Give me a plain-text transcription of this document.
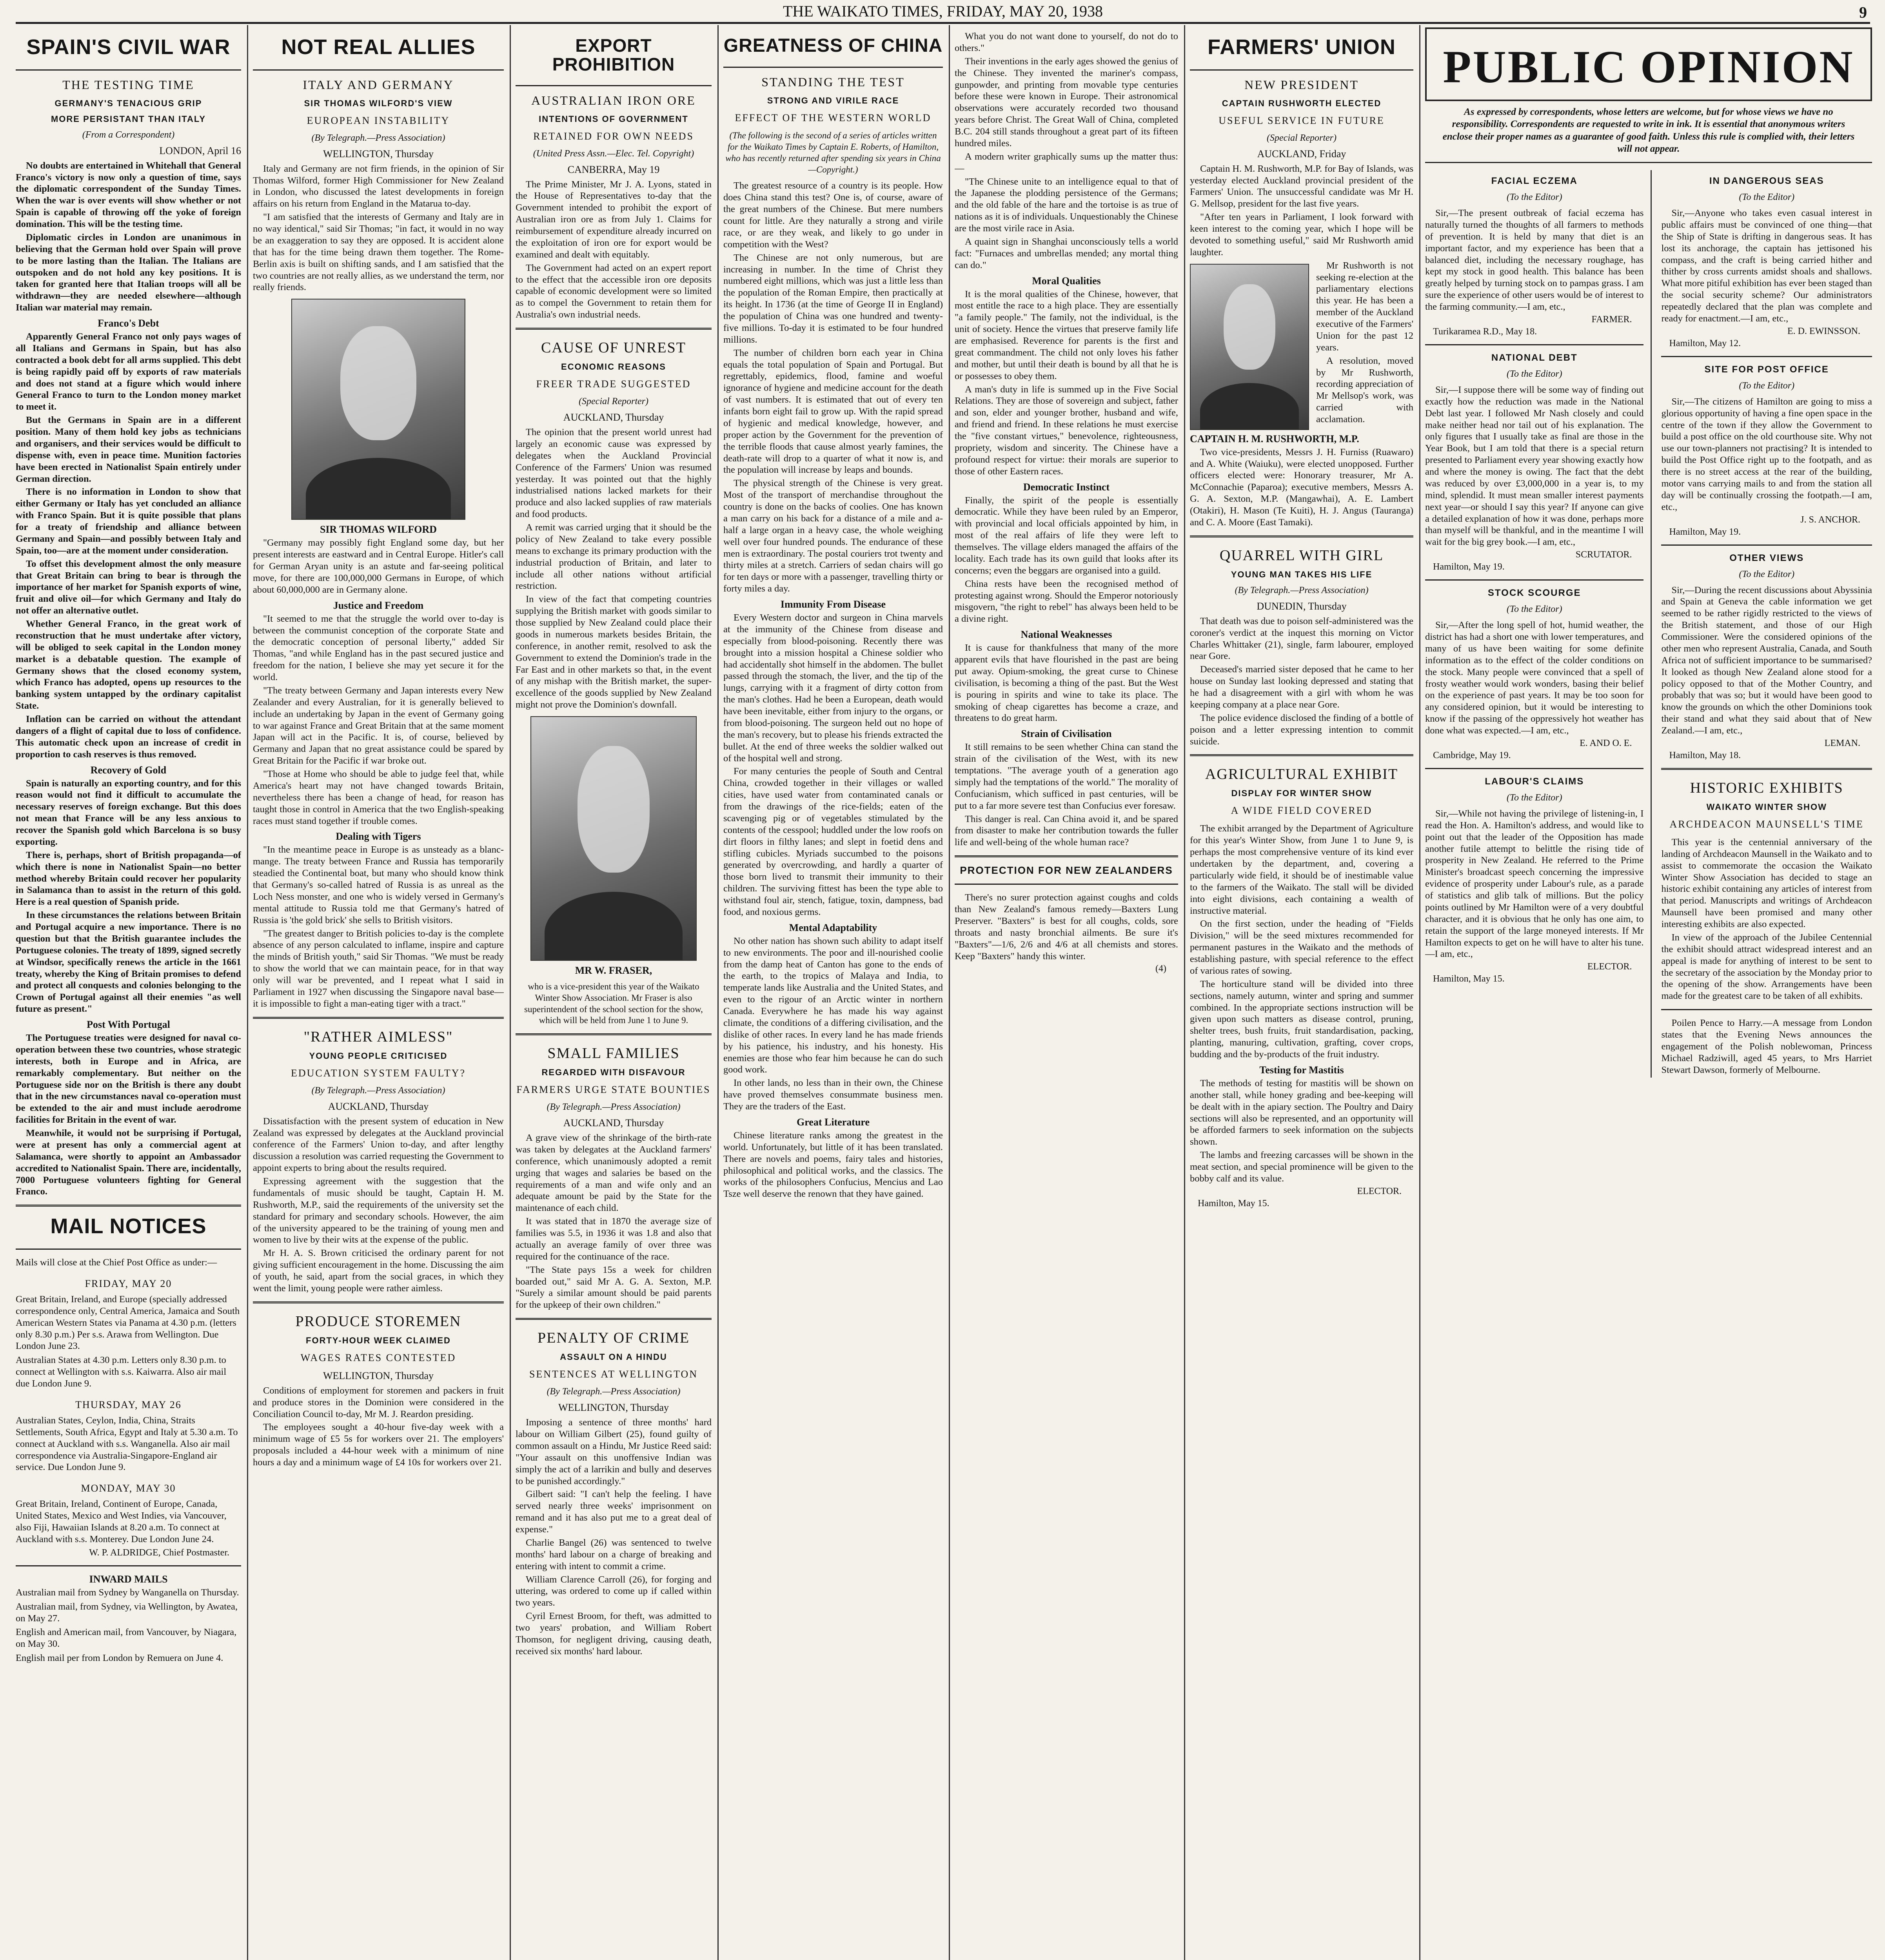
THE WAIKATO TIMES, FRIDAY, MAY 20, 1938	9
SPAIN'S CIVIL WAR
THE TESTING TIME
GERMANY'S TENACIOUS GRIP
MORE PERSISTANT THAN ITALY
(From a Correspondent)
LONDON, April 16

No doubts are entertained in Whitehall that General Franco's victory is now only a question of time, says the diplomatic correspondent of the Sunday Times. When the war is over events will show whether or not Spain is capable of throwing off the yoke of foreign domination. This will be the testing time.

Diplomatic circles in London are unanimous in believing that the German hold over Spain will prove to be more lasting than the Italian. The Italians are outspoken and do not hold any key positions. It is taken for granted here that Italian troops will all be withdrawn—they are needed elsewhere—although Italian war material may remain.

Franco's Debt

Apparently General Franco not only pays wages of all Italians and Germans in Spain, but has also contracted a book debt for all arms supplied. This debt is being rapidly paid off by exports of raw materials and does not stand at a figure which would inhere General Franco to turn to the London money market to meet it.

But the Germans in Spain are in a different position. Many of them hold key jobs as technicians and organisers, and their services would be difficult to dispense with, even in peace time. Munition factories have been erected in Nationalist Spain entirely under German direction.

There is no information in London to show that either Germany or Italy has yet concluded an alliance with Franco Spain. But it is quite possible that plans for a treaty of friendship and alliance between Germany and Spain—and possibly between Italy and Spain, too—are at the moment under consideration.

To offset this development almost the only measure that Great Britain can bring to bear is through the importance of her market for Spanish exports of wine, fruit and olive oil—for which Germany and Italy do not offer an alternative outlet.

Whether General Franco, in the great work of reconstruction that he must undertake after victory, will be obliged to seek capital in the London money market is a debatable question. The example of Germany shows that the closed economy system, which Franco has adopted, opens up resources to the banking system untapped by the ordinary capitalist State.

Inflation can be carried on without the attendant dangers of a flight of capital due to loss of confidence. This automatic check upon an increase of credit in proportion to cash reserves is thus removed.

Recovery of Gold

Spain is naturally an exporting country, and for this reason would not find it difficult to accumulate the necessary reserves of foreign exchange. But this does not mean that France will be any less anxious to recover the Spanish gold which Barcelona is so busy exporting.

There is, perhaps, short of British propaganda—of which there is none in Nationalist Spain—no better method whereby Britain could recover her popularity in Salamanca than to assist in the return of this gold. Here is a real question of Spanish pride.

In these circumstances the relations between Britain and Portugal acquire a new importance. There is no question but that the British guarantee includes the Portuguese colonies. The treaty of 1899, signed secretly at Windsor, specifically renews the article in the 1661 treaty, whereby the King of Britain promises to defend and protect all conquests and colonies belonging to the Crown of Portugal against all their enemies "as well future as present."

Post With Portugal

The Portuguese treaties were designed for naval co-operation between these two countries, whose strategic interests, both in Europe and in Africa, are remarkably complementary. But neither on the Portuguese side nor on the British is there any doubt that in the new circumstances naval co-operation must be extended to the air and must include aerodrome facilities for Britain in the event of war.

Meanwhile, it would not be surprising if Portugal, were at present has only a commercial agent at Salamanca, were shortly to appoint an Ambassador accredited to Nationalist Spain. There are, incidentally, 7000 Portuguese volunteers fighting for General Franco.

MAIL NOTICES

Mails will close at the Chief Post Office as under:—

FRIDAY, MAY 20

Great Britain, Ireland, and Europe (specially addressed correspondence only, Central America, Jamaica and South American Western States via Panama at 4.30 p.m. (letters only 8.30 p.m.) Per s.s. Arawa from Wellington. Due London June 23.

Australian States at 4.30 p.m. Letters only 8.30 p.m. to connect at Wellington with s.s. Kaiwarra. Also air mail due London June 9.

THURSDAY, MAY 26

Australian States, Ceylon, India, China, Straits Settlements, South Africa, Egypt and Italy at 5.30 a.m. To connect at Auckland with s.s. Wanganella. Also air mail correspondence via Australia-Singapore-England air service. Due London June 9.

MONDAY, MAY 30

Great Britain, Ireland, Continent of Europe, Canada, United States, Mexico and West Indies, via Vancouver, also Fiji, Hawaiian Islands at 8.20 a.m. To connect at Auckland with s.s. Monterey. Due London June 24.

W. P. ALDRIDGE, Chief Postmaster.
INWARD MAILS

Australian mail from Sydney by Wanganella on Thursday.

Australian mail, from Sydney, via Wellington, by Awatea, on May 27.

English and American mail, from Vancouver, by Niagara, on May 30.

English mail per from London by Remuera on June 4.

NOT REAL ALLIES
ITALY AND GERMANY
SIR THOMAS WILFORD'S VIEW
EUROPEAN INSTABILITY
(By Telegraph.—Press Association)
WELLINGTON, Thursday

Italy and Germany are not firm friends, in the opinion of Sir Thomas Wilford, former High Commissioner for New Zealand in London, who discussed the latest developments in foreign affairs on his return from England in the Matarua to-day.

"I am satisfied that the interests of Germany and Italy are in no way identical," said Sir Thomas; "in fact, it would in no way be an exaggeration to say they are opposed. It is accident alone that has for the time being drawn them together. The Rome-Berlin axis is built on shifting sands, and I am satisfied that the two countries are not really allies, as we understand the term, nor really friends.

SIR THOMAS WILFORD

"Germany may possibly fight England some day, but her present interests are eastward and in Central Europe. Hitler's call for German Aryan unity is an astute and far-seeing political move, for there are 100,000,000 Germans in Europe, of which about 60,000,000 are in Germany alone.

Justice and Freedom

"It seemed to me that the struggle the world over to-day is between the communist conception of the corporate State and the democratic conception of personal liberty," added Sir Thomas, "and while England has in the past secured justice and freedom for the nation, I believe she may yet secure it for the world.

"The treaty between Germany and Japan interests every New Zealander and every Australian, for it is generally believed to include an undertaking by Japan in the event of Germany going to war against France and Great Britain that at the same moment Japan will act in the Pacific. It is, of course, believed by Germany and Japan that no great assistance could be spared by Great Britain for the Pacific if war broke out.

"Those at Home who should be able to judge feel that, while America's heart may not have changed towards Britain, nevertheless there has been a change of head, for reason has taught those in control in America that the two English-speaking races must stand together if trouble comes.

Dealing with Tigers

"In the meantime peace in Europe is as unsteady as a blanc-mange. The treaty between France and Russia has temporarily steadied the Continental boat, but many who should know think that Germany's so-called hatred of Russia is as unreal as the Loch Ness monster, and one who is widely versed in Germany's mental attitude to Russia told me that Germany's hatred of Russia is 'the gold brick' she sells to British visitors.

"The greatest danger to British policies to-day is the complete absence of any person calculated to inflame, inspire and capture the minds of British youth," said Sir Thomas. "We must be ready to show the world that we can maintain peace, for in that way only will war be prevented, and I repeat what I said in Parliament in 1927 when discussing the Singapore naval base—it is impossible to fight a man-eating tiger with a tract."

"RATHER AIMLESS"
YOUNG PEOPLE CRITICISED
EDUCATION SYSTEM FAULTY?
(By Telegraph.—Press Association)
AUCKLAND, Thursday

Dissatisfaction with the present system of education in New Zealand was expressed by delegates at the Auckland provincial conference of the Farmers' Union to-day, and after lengthy discussion a resolution was carried requesting the Government to appoint experts to bring about the results required.

Expressing agreement with the suggestion that the fundamentals of music should be taught, Captain H. M. Rushworth, M.P., said the requirements of the university set the standard for primary and secondary schools. However, the aim of the university appeared to be the training of young men and women to live by their wits at the expense of the public.

Mr H. A. S. Brown criticised the ordinary parent for not giving sufficient encouragement in the home. Discussing the aim of youth, he said, apart from the social graces, in which they went the limit, young people were rather aimless.

PRODUCE STOREMEN
FORTY-HOUR WEEK CLAIMED
WAGES RATES CONTESTED
WELLINGTON, Thursday

Conditions of employment for storemen and packers in fruit and produce stores in the Dominion were considered in the Conciliation Council to-day, Mr M. J. Reardon presiding.

The employees sought a 40-hour five-day week with a minimum wage of £5 5s for workers over 21. The employers' proposals included a 44-hour week with a minimum of nine hours a day and a minimum wage of £4 10s for workers over 21.

EXPORT PROHIBITION
AUSTRALIAN IRON ORE
INTENTIONS OF GOVERNMENT
RETAINED FOR OWN NEEDS
(United Press Assn.—Elec. Tel. Copyright)
CANBERRA, May 19

The Prime Minister, Mr J. A. Lyons, stated in the House of Representatives to-day that the Government intended to prohibit the export of Australian iron ore as from July 1. Claims for reimbursement of expenditure already incurred on the exploitation of iron ore for export would be examined and dealt with equitably.

The Government had acted on an expert report to the effect that the accessible iron ore deposits capable of economic development were so limited as to compel the Government to retain them for Australia's own industrial needs.

CAUSE OF UNREST
ECONOMIC REASONS
FREER TRADE SUGGESTED
(Special Reporter)
AUCKLAND, Thursday

The opinion that the present world unrest had largely an economic cause was expressed by delegates when the Auckland Provincial Conference of the Farmers' Union was resumed yesterday. It was pointed out that the highly industrialised nations lacked markets for their produce and also lacked supplies of raw materials and food products.

A remit was carried urging that it should be the policy of New Zealand to take every possible means to exchange its primary production with the industrial production of Britain, and later to include all other nations without artificial restriction.

In view of the fact that competing countries supplying the British market with goods similar to those supplied by New Zealand could place their goods in numerous markets besides Britain, the conference, in another remit, resolved to ask the Government to extend the Dominion's trade in the Far East and in other markets so that, in the event of any mishap with the British market, the super-excellence of the goods supplied by New Zealand might not prove the Dominion's downfall.

MR W. FRASER,
who is a vice-president this year of the Waikato Winter Show Association. Mr Fraser is also superintendent of the school section for the show, which will be held from June 1 to June 9.
SMALL FAMILIES
REGARDED WITH DISFAVOUR
FARMERS URGE STATE BOUNTIES
(By Telegraph.—Press Association)
AUCKLAND, Thursday

A grave view of the shrinkage of the birth-rate was taken by delegates at the Auckland farmers' conference, which unanimously adopted a remit urging that wages and salaries be based on the requirements of a man and wife only and an adequate amount be paid by the State for the maintenance of each child.

It was stated that in 1870 the average size of families was 5.5, in 1936 it was 1.8 and also that actually an average family of over three was required for the continuance of the race.

"The State pays 15s a week for children boarded out," said Mr A. G. A. Sexton, M.P. "Surely a similar amount should be paid parents for the upkeep of their own children."

PENALTY OF CRIME
ASSAULT ON A HINDU
SENTENCES AT WELLINGTON
(By Telegraph.—Press Association)
WELLINGTON, Thursday

Imposing a sentence of three months' hard labour on William Gilbert (25), found guilty of common assault on a Hindu, Mr Justice Reed said: "Your assault on this unoffensive Indian was simply the act of a larrikin and bully and deserves to be punished accordingly."

Gilbert said: "I can't help the feeling. I have served nearly three weeks' imprisonment on remand and it has also put me to a great deal of expense."

Charlie Bangel (26) was sentenced to twelve months' hard labour on a charge of breaking and entering with intent to commit a crime.

William Clarence Carroll (26), for forging and uttering, was ordered to come up if called within two years.

Cyril Ernest Broom, for theft, was admitted to two years' probation, and William Robert Thomson, for negligent driving, causing death, received six months' hard labour.

GREATNESS OF CHINA
STANDING THE TEST
STRONG AND VIRILE RACE
EFFECT OF THE WESTERN WORLD
(The following is the second of a series of articles written for the Waikato Times by Captain E. Roberts, of Hamilton, who has recently returned after spending six years in China—Copyright.)

The greatest resource of a country is its people. How does China stand this test? One is, of course, aware of the great numbers of the Chinese. But mere numbers count for little. Are they naturally a strong and virile race, or are they weak, and likely to go under in competition with the West?

The Chinese are not only numerous, but are increasing in number. In the time of Christ they numbered eight millions, which was just a little less than the population of the Roman Empire, then practically at its height. In 1736 (at the time of George II in England) the population of China was one hundred and twenty-five millions. To-day it is estimated to be four hundred millions.

The number of children born each year in China equals the total population of Spain and Portugal. But regrettably, epidemics, flood, famine and woeful ignorance of hygiene and medicine account for the death of vast numbers. It is estimated that out of every ten infants born eight fail to grow up. With the rapid spread of hygienic and medical knowledge, however, and proper action by the Government for the prevention of the terrible floods that cause almost yearly famines, the death-rate will drop to a quarter of what it now is, and the population will increase by leaps and bounds.

The physical strength of the Chinese is very great. Most of the transport of merchandise throughout the country is done on the backs of coolies. One has known a man carry on his back for a distance of a mile and a-half a large organ in a heavy case, the whole weighing well over four hundred pounds. The endurance of these men is extraordinary. The postal couriers trot twenty and thirty miles at a stretch. Carriers of sedan chairs will go for ten days or more with a passenger, travelling thirty or forty miles a day.

Immunity From Disease

Every Western doctor and surgeon in China marvels at the immunity of the Chinese from disease and especially from blood-poisoning. Recently there was brought into a mission hospital a Chinese soldier who had accidentally shot himself in the abdomen. The bullet passed through the stomach, the liver, and the tip of the lungs, carrying with it a fragment of dirty cotton from the man's clothes. Had he been a European, death would have been inevitable, either from injury to the organs, or from blood-poisoning. The surgeon held out no hope of the man's recovery, but to please his friends extracted the bullet. At the end of three weeks the soldier walked out of the hospital well and strong.

For many centuries the people of South and Central China, crowded together in their villages or walled cities, have used water from contaminated canals or from the drawings of the rice-fields; eaten of the scavenging pig or of vegetables stimulated by the contents of the cesspool; huddled under the low roofs on dirt floors in filthy lanes; and slept in foetid dens and stifling cubicles. Myriads succumbed to the poisons generated by overcrowding, and hardly a quarter of those born lived to transmit their immunity to their children. The surviving fittest has been the type able to withstand foul air, stench, fatigue, toxin, dampness, bad food, and noxious germs.

Mental Adaptability

No other nation has shown such ability to adapt itself to new environments. The poor and ill-nourished coolie from the damp heat of Canton has gone to the ends of the earth, to the tropics of Malaya and India, to temperate lands like Australia and the United States, and even to the rigour of an Arctic winter in northern Canada. Everywhere he has made his way against climate, the conditions of a differing civilisation, and the dislike of other races. In every land he has made friends by his patience, his industry, and his honesty. His enemies are those who fear him because he can do such good work.

In other lands, no less than in their own, the Chinese have proved themselves consummate business men. They are the traders of the East.

Great Literature

Chinese literature ranks among the greatest in the world. Unfortunately, but little of it has been translated. There are novels and poems, fairy tales and histories, philosophical and political works, and the classics. The works of the philosophers Confucius, Mencius and Lao Tsze well deserve the renown that they have gained.

What you do not want done to yourself, do not do to others."

Their inventions in the early ages showed the genius of the Chinese. They invented the mariner's compass, gunpowder, and printing from movable type centuries before these were known in Europe. Their astronomical observations were accurately recorded two thousand years before Christ. The Great Wall of China, completed B.C. 204 still stands throughout a great part of its fifteen hundred miles.

A modern writer graphically sums up the matter thus:—

"The Chinese unite to an intelligence equal to that of the Japanese the plodding persistence of the Germans; and the old fable of the hare and the tortoise is as true of nations as it is of individuals. Unquestionably the Chinese are the most virile race in Asia.

A quaint sign in Shanghai unconsciously tells a world fact: "Furnaces and umbrellas mended; any mortal thing can do."

Moral Qualities

It is the moral qualities of the Chinese, however, that most entitle the race to a high place. They are essentially "a family people." The family, not the individual, is the unit of society. Hence the virtues that preserve family life are emphasised. Reverence for parents is the first and great commandment. The child not only loves his father and mother, but until their death is bound by all that he is or possesses to obey them.

A man's duty in life is summed up in the Five Social Relations. They are those of sovereign and subject, father and son, elder and younger brother, husband and wife, and friend and friend. In these relations he must exercise the "five constant virtues," benevolence, righteousness, propriety, wisdom and sincerity. The Chinese have a profound respect for virtue: their morals are superior to those of other Eastern races.

Democratic Instinct

Finally, the spirit of the people is essentially democratic. While they have been ruled by an Emperor, with provincial and local officials appointed by him, in most of the real affairs of life they were left to themselves. The village elders managed the affairs of the locality. Each trade has its own guild that looks after its concerns; even the beggars are organised into a guild.

China rests have been the recognised method of protesting against wrong. Should the Emperor notoriously misgovern, "the right to rebel" has always been held to be a divine right.

National Weaknesses

It is cause for thankfulness that many of the more apparent evils that have flourished in the past are being put away. Opium-smoking, the great curse to Chinese civilisation, is becoming a thing of the past. But the West is pouring in spirits and wine to take its place. The smoking of cheap cigarettes has become a craze, and threatens to do great harm.

Strain of Civilisation

It still remains to be seen whether China can stand the strain of the civilisation of the West, with its new temptations. "The average youth of a generation ago simply had the temptations of the world." The morality of Confucianism, which sufficed in past centuries, will be put to a far more severe test than Confucius ever foresaw.

This danger is real. Can China avoid it, and be spared from disaster to make her contribution towards the fuller life and well-being of the whole human race?

PROTECTION FOR NEW ZEALANDERS

There's no surer protection against coughs and colds than New Zealand's famous remedy—Baxters Lung Preserver. "Baxters" is best for all coughs, colds, sore throats and nasty bronchial ailments. Be sure it's "Baxters"—1/6, 2/6 and 4/6 at all chemists and stores. Keep "Baxters" handy this winter.

(4)
FARMERS' UNION
NEW PRESIDENT
CAPTAIN RUSHWORTH ELECTED
USEFUL SERVICE IN FUTURE
(Special Reporter)
AUCKLAND, Friday

Captain H. M. Rushworth, M.P. for Bay of Islands, was yesterday elected Auckland provincial president of the Farmers' Union. The unsuccessful candidate was Mr H. G. Mellsop, president for the last five years.

"After ten years in Parliament, I look forward with keen interest to the coming year, which I hope will be devoted to something useful," said Mr Rushworth amid laughter.

Mr Rushworth is not seeking re-election at the parliamentary elections this year. He has been a member of the Auckland executive of the Farmers' Union for the past 12 years.

A resolution, moved by Mr Rushworth, recording appreciation of Mr Mellsop's work, was carried with acclamation.

CAPTAIN H. M. RUSHWORTH, M.P.

Two vice-presidents, Messrs J. H. Furniss (Ruawaro) and A. White (Waiuku), were elected unopposed. Further officers elected were: Honorary treasurer, Mr A. McConnachie (Paparoa); executive members, Messrs A. G. A. Sexton, M.P. (Mangawhai), A. E. Lambert (Otakiri), H. Mason (Te Kuiti), H. J. Angus (Tauranga) and C. A. Moore (East Tamaki).

QUARREL WITH GIRL
YOUNG MAN TAKES HIS LIFE
(By Telegraph.—Press Association)
DUNEDIN, Thursday

That death was due to poison self-administered was the coroner's verdict at the inquest this morning on Victor Charles Whittaker (21), single, farm labourer, employed near Gore.

Deceased's married sister deposed that he came to her house on Sunday last looking depressed and stating that he had a disagreement with a girl with whom he was keeping company at a place near Gore.

The police evidence disclosed the finding of a bottle of poison and a letter expressing intention to commit suicide.

AGRICULTURAL EXHIBIT
DISPLAY FOR WINTER SHOW
A WIDE FIELD COVERED

The exhibit arranged by the Department of Agriculture for this year's Winter Show, from June 1 to June 9, is perhaps the most comprehensive venture of its kind ever undertaken by the department, and, covering a particularly wide field, it should be of inestimable value to the farmers of the Waikato. The stall will be divided into eight divisions, each containing a wealth of instructive material.

On the first section, under the heading of "Fields Division," will be the seed mixtures recommended for permanent pastures in the Waikato and the methods of establishing pasture, with special reference to the effect of various rates of sowing.

The horticulture stand will be divided into three sections, namely autumn, winter and spring and summer combined. In the appropriate sections instruction will be given upon such matters as disease control, pruning, shelter trees, bush fruits, fruit standardisation, packing, planting, manuring, cultivation, grafting, cover crops, budding and the by-products of the fruit industry.

Testing for Mastitis

The methods of testing for mastitis will be shown on another stall, while honey grading and bee-keeping will be dealt with in the apiary section. The Poultry and Dairy sections will also be represented, and an opportunity will be afforded farmers to seek information on the subjects shown.

The lambs and freezing carcasses will be shown in the meat section, and special prominence will be given to the bobby calf and its value.

ELECTOR.
Hamilton, May 15.
PUBLIC OPINION
As expressed by correspondents, whose letters are welcome, but for whose views we have no responsibility. Correspondents are requested to write in ink. It is essential that anonymous writers enclose their proper names as a guarantee of good faith. Unless this rule is complied with, their letters will not appear.
FACIAL ECZEMA
(To the Editor)

Sir,—The present outbreak of facial eczema has naturally turned the thoughts of all farmers to methods of prevention. It is held by many that diet is an important factor, and my experience has been that a balanced diet, including the necessary roughage, has kept my stock in good health. This balance has been greatly helped by turning stock on to pampas grass. I am sure the experience of other users would be of interest to the farming community.—I am, etc.,

FARMER.
Turikaramea R.D., May 18.
NATIONAL DEBT
(To the Editor)

Sir,—I suppose there will be some way of finding out exactly how the reduction was made in the National Debt last year. I followed Mr Nash closely and could make neither head nor tail out of his explanation. The only figures that I usually take as final are those in the Year Book, but I am told that there is a special return presented to Parliament every year showing exactly how and where the money is owing. The fact that the debt was reduced by over £3,000,000 in a year is, to my mind, splendid. It must mean smaller interest payments next year—or should I say this year? If anyone can give a detailed explanation of how it was done, perhaps more than myself will be thankful, and in the meantime I will wait for the big grey book.—I am, etc.,

SCRUTATOR.
Hamilton, May 19.
STOCK SCOURGE
(To the Editor)

Sir,—After the long spell of hot, humid weather, the district has had a short one with lower temperatures, and many of us have been waiting for some definite information as to the effect of the colder conditions on the stock. Many people were convinced that a spell of frosty weather would work wonders, basing their belief on the experience of past years. It may be too soon for any considered opinion, but it would be interesting to know if the passing of the oppressively hot weather has done what was expected.—I am, etc.,

E. AND O. E.
Cambridge, May 19.
LABOUR'S CLAIMS
(To the Editor)

Sir,—While not having the privilege of listening-in, I read the Hon. A. Hamilton's address, and would like to point out that the leader of the Opposition has made another futile attempt to belittle the rising tide of prosperity in New Zealand. He referred to the Prime Minister's broadcast speech concerning the impressive evidence of prosperity under Labour's rule, as a parade of statistics and glib talk of millions. But the policy points outlined by Mr Hamilton were of a very doubtful character, and it is obvious that he only has one aim, to retain the support of the large moneyed interests. If Mr Hamilton expects to get on he will have to alter his tune.—I am, etc.,

ELECTOR.
Hamilton, May 15.
IN DANGEROUS SEAS
(To the Editor)

Sir,—Anyone who takes even casual interest in public affairs must be convinced of one thing—that the Ship of State is drifting in dangerous seas. It has lost its anchorage, the captain has jettisoned his compass, and the craft is being carried hither and thither by cross currents amidst shoals and shallows. What more pitiful exhibition has ever been staged than the social security scheme? Our administrators repeatedly declared that the plan was complete and ready for enactment.—I am, etc.,

E. D. EWINSSON.
Hamilton, May 12.
SITE FOR POST OFFICE
(To the Editor)

Sir,—The citizens of Hamilton are going to miss a glorious opportunity of having a fine open space in the centre of the town if they allow the Government to build a post office on the old courthouse site. Why not use our town-planners not practising? It is intended to build the Post Office right up to the footpath, and as there is no street access at the rear of the building, motor vans carrying mails to and from the station all day will be continually crossing the footpath.—I am, etc.,

J. S. ANCHOR.
Hamilton, May 19.
OTHER VIEWS
(To the Editor)

Sir,—During the recent discussions about Abyssinia and Spain at Geneva the cable information we get seemed to be rather rigidly restricted to the views of the British statement, and those of our High Commissioner. Were the considered opinions of the other men who represent Australia, Canada, and South Africa not of sufficient importance to be summarised? It looked as though New Zealand alone stood for a policy opposed to that of the Mother Country, and probably that was so; but it would have been good to know the grounds on which the other Dominions took their stand and what they said about that of New Zealand.—I am, etc.,

LEMAN.
Hamilton, May 18.
HISTORIC EXHIBITS
WAIKATO WINTER SHOW
ARCHDEACON MAUNSELL'S TIME

This year is the centennial anniversary of the landing of Archdeacon Maunsell in the Waikato and to assist to commemorate the occasion the Waikato Winter Show Association has decided to stage an historic exhibit containing any articles of interest from that period. Manuscripts and writings of Archdeacon Maunsell have been promised and many other interesting exhibits are also expected.

In view of the approach of the Jubilee Centennial the exhibit should attract widespread interest and an appeal is made for anything of interest to be sent to the secretary of the association by the Monday prior to the opening of the show. Arrangements have been made for the greatest care to be taken of all exhibits.

Poilen Pence to Harry.—A message from London states that the Evening News announces the engagement of the Polish noblewoman, Princess Michael Radziwill, aged 45 years, to Mrs Harriet Stewart Dawson, formerly of Melbourne.
